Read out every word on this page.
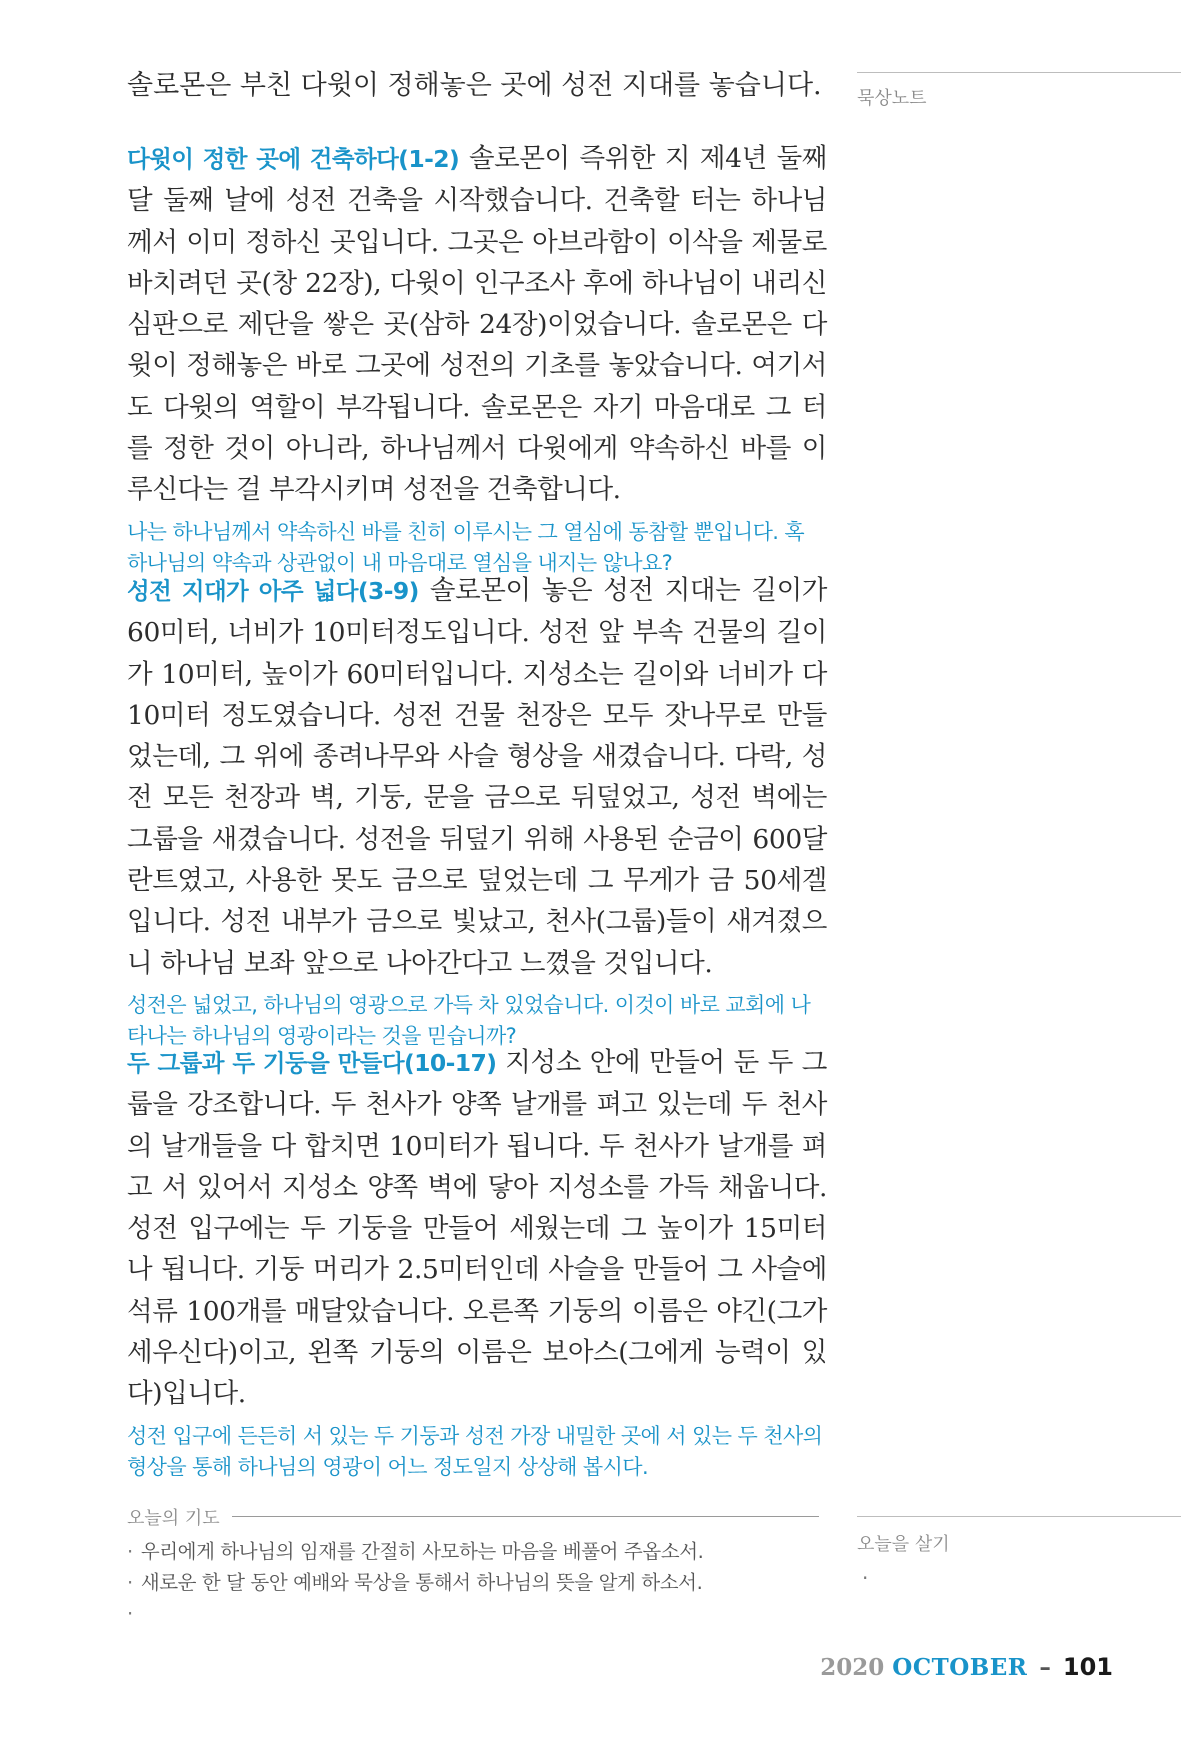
솔로몬은 부친 다윗이 정해놓은 곳에 성전 지대를 놓습니다. 묵상노트

다윗이 정한 곳에 건축하다(1-2) 솔로몬이 즉위한 지 제4년 둘째 달 둘째 날에 성전 건축을 시작했습니다. 건축할 터는 하나님께서 이미 정하신 곳입니다. 그곳은 아브라함이 이삭을 제물로 바치려던 곳(창 22장), 다윗이 인구조사 후에 하나님이 내리신 심판으로 제단을 쌓은 곳(삼하 24장)이었습니다. 솔로몬은 다윗이 정해놓은 바로 그곳에 성전의 기초를 놓았습니다. 여기서도 다윗의 역할이 부각됩니다. 솔로몬은 자기 마음대로 그 터를 정한 것이 아니라, 하나님께서 다윗에게 약속하신 바를 이루신다는 걸 부각시키며 성전을 건축합니다.

나는 하나님께서 약속하신 바를 친히 이루시는 그 열심에 동참할 뿐입니다. 혹 하나님의 약속과 상관없이 내 마음대로 열심을 내지는 않나요?

성전 지대가 아주 넓다(3-9) 솔로몬이 놓은 성전 지대는 길이가 60미터, 너비가 10미터정도입니다. 성전 앞 부속 건물의 길이가 10미터, 높이가 60미터입니다. 지성소는 길이와 너비가 다 10미터 정도였습니다. 성전 건물 천장은 모두 잣나무로 만들었는데, 그 위에 종려나무와 사슬 형상을 새겼습니다. 다락, 성전 모든 천장과 벽, 기둥, 문을 금으로 뒤덮었고, 성전 벽에는 그룹을 새겼습니다. 성전을 뒤덮기 위해 사용된 순금이 600달란트였고, 사용한 못도 금으로 덮었는데 그 무게가 금 50세겔입니다. 성전 내부가 금으로 빛났고, 천사(그룹)들이 새겨졌으니 하나님 보좌 앞으로 나아간다고 느꼈을 것입니다.

성전은 넓었고, 하나님의 영광으로 가득 차 있었습니다. 이것이 바로 교회에 나타나는 하나님의 영광이라는 것을 믿습니까?

두 그룹과 두 기둥을 만들다(10-17) 지성소 안에 만들어 둔 두 그룹을 강조합니다. 두 천사가 양쪽 날개를 펴고 있는데 두 천사의 날개들을 다 합치면 10미터가 됩니다. 두 천사가 날개를 펴고 서 있어서 지성소 양쪽 벽에 닿아 지성소를 가득 채웁니다. 성전 입구에는 두 기둥을 만들어 세웠는데 그 높이가 15미터나 됩니다. 기둥 머리가 2.5미터인데 사슬을 만들어 그 사슬에 석류 100개를 매달았습니다. 오른쪽 기둥의 이름은 야긴(그가 세우신다)이고, 왼쪽 기둥의 이름은 보아스(그에게 능력이 있다)입니다.

성전 입구에 든든히 서 있는 두 기둥과 성전 가장 내밀한 곳에 서 있는 두 천사의 형상을 통해 하나님의 영광이 어느 정도일지 상상해 봅시다.

오늘의 기도
· 우리에게 하나님의 임재를 간절히 사모하는 마음을 베풀어 주옵소서.
· 새로운 한 달 동안 예배와 묵상을 통해서 하나님의 뜻을 알게 하소서.
·
오늘을 살기
·
2020 OCTOBER – 101
